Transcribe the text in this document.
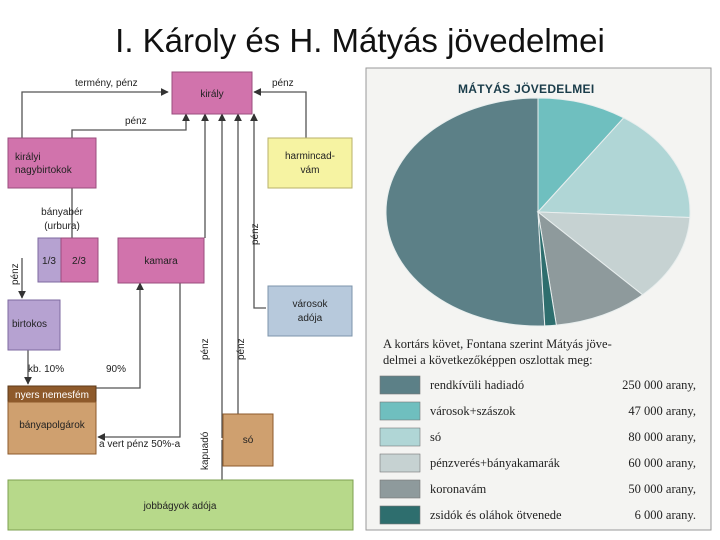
I. Károly és H. Mátyás jövedelmei
király
királyi
nagybirtokok
harmincad-
vám
bányabér
(urbura)
1/3 2/3	kamara
birtokos
városok
adója
nyers nemesfém
bányapolgárok
só
jobbágyok adója
termény, pénz	pénz
pénz
pénz
pénz
pénz	pénz
kapuadó
kb. 10%	90%
a vert pénz 50%-a
MÁTYÁS JÖVEDELMEI
A kortárs követ, Fontana szerint Mátyás jöve-
delmei a következőképpen oszlottak meg:
rendkívüli hadiadó	250 000 arany,
városok+szászok	47 000 arany,
só	80 000 arany,
pénzverés+bányakamarák	60 000 arany,
koronavám	50 000 arany,
zsidók és oláhok ötvenede	6 000 arany.
